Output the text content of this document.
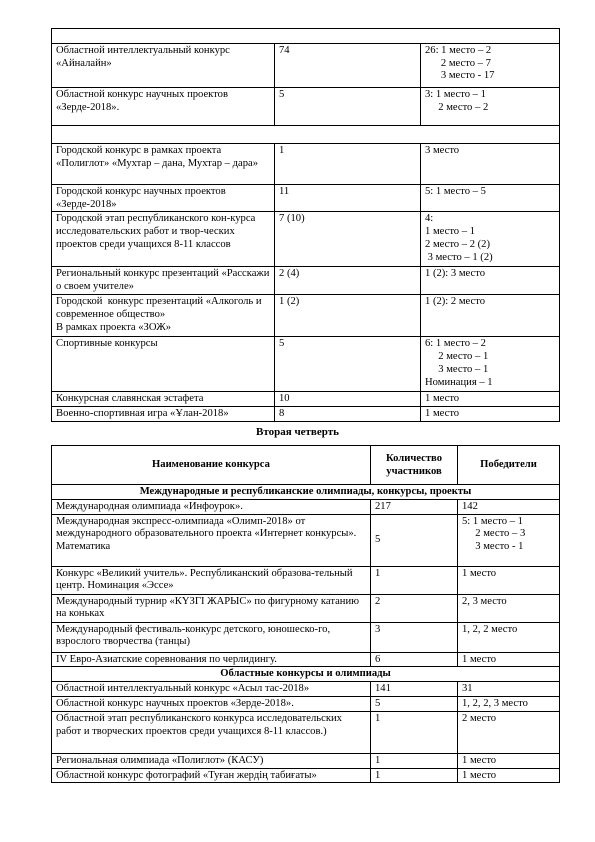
Областной интеллектуальный конкурс «Айналайн»	74	26: 1 место – 2
2 место – 7
3 место - 17
Областной конкурс научных проектов «Зерде-2018».	5	3: 1 место – 1
2 место – 2

Городской конкурс в рамках проекта «Полиглот» «Мухтар – дана, Мухтар – дара»	1	3 место
Городской конкурс научных проектов «Зерде-2018»	11	5: 1 место – 5
Городской этап республиканского кон-курса исследовательских работ и твор-ческих проектов среди учащихся 8-11 классов	7 (10)	4:
1 место – 1
2 место – 2 (2)
3 место – 1 (2)
Региональный конкурс презентаций «Расскажи о своем учителе»	2 (4)	1 (2): 3 место
Городской  конкурс презентаций «Алкоголь и современное общество»
В рамках проекта «ЗОЖ»	1 (2)	1 (2): 2 место
Спортивные конкурсы	5	6: 1 место – 2
2 место – 1
3 место – 1
Номинация – 1
Конкурсная славянская эстафета	10	1 место
Военно-спортивная игра «Ұлан-2018»	8	1 место
Вторая четверть
Наименование конкурса	Количество участников	Победители
Международные и республиканские олимпиады, конкурсы, проекты		
Международная олимпиада «Инфоурок».	217	142
Международная экспресс-олимпиада «Олимп-2018» от международного образовательного проекта «Интернет конкурсы». Математика	5	5: 1 место – 1
2 место – 3
3 место - 1
Конкурс «Великий учитель». Республиканский образова-тельный центр. Номинация «Эссе»	1	1 место
Международный турнир «КҮЗГІ ЖАРЫС» по фигурному катанию на коньках	2	2, 3 место
Международный фестиваль-конкурс детского, юношеско-го, взрослого творчества (танцы)	3	1, 2, 2 место
IV Евро-Азиатские соревнования по черлидингу.	6	1 место
Областные конкурсы и олимпиады		
Областной интеллектуальный конкурс «Асыл тас-2018»	141	31
Областной конкурс научных проектов «Зерде-2018».	5	1, 2, 2, 3 место
Областной этап республиканского конкурса исследовательских работ и творческих проектов среди учащихся 8-11 классов.)	1	2 место
Региональная олимпиада «Полиглот» (КАСУ)	1	1 место
Областной конкурс фотографий «Туған жердің табиғаты»	1	1 место
